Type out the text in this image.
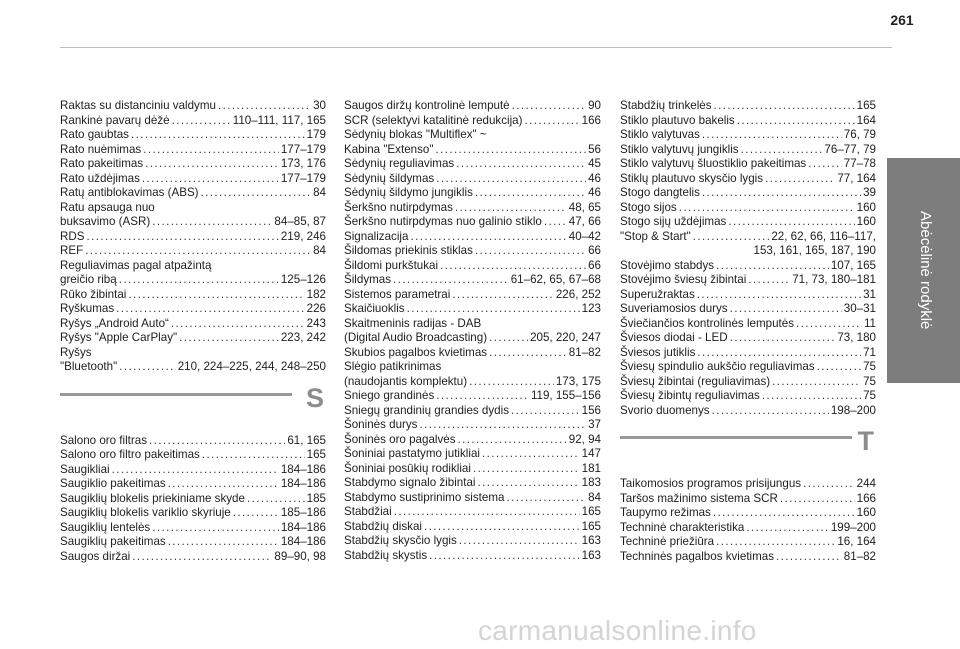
261
Abėcėlinė rodyklė
Raktas su distanciniu valdymu .....	30
Rankinė pavarų dėžė .....	110–111, 117, 165
Rato gaubtas .....	179
Rato nuėmimas .....	177–179
Rato pakeitimas .....	173, 176
Rato uždėjimas .....	177–179
Ratų antiblokavimas (ABS) .....	84
Ratu apsauga nuo
buksavimo (ASR) .....	84–85, 87
RDS .....	219, 246
REF .....	84
Reguliavimas pagal atpažintą
greičio ribą .....	125–126
Rūko žibintai .....	182
Ryškumas .....	226
Ryšys „Android Auto“ .....	243
Ryšys "Apple CarPlay" .....	223, 242
Ryšys
"Bluetooth" .....	210, 224–225, 244, 248–250
S
Salono oro filtras .....	61, 165
Salono oro filtro pakeitimas .....	165
Saugikliai .....	184–186
Saugiklio pakeitimas .....	184–186
Saugiklių blokelis priekiniame skyde .....	185
Saugiklių blokelis variklio skyriuje .....	185–186
Saugiklių lentelės .....	184–186
Saugiklių pakeitimas .....	184–186
Saugos diržai .....	89–90, 98
Saugos diržų kontrolinė lemputė .....	90
SCR (selektyvi katalitinė redukcija) .....	166
Sėdynių blokas "Multiflex" ~
Kabina "Extenso" .....	56
Sėdynių reguliavimas .....	45
Sėdynių šildymas .....	46
Sėdynių šildymo jungiklis .....	46
Šerkšno nutirpdymas .....	48, 65
Šerkšno nutirpdymas nuo galinio stiklo ..... 47, 66
Signalizacija .....	40–42
Šildomas priekinis stiklas .....	66
Šildomi purkštukai .....	66
Šildymas .....	61–62, 65, 67–68
Sistemos parametrai .....	226, 252
Skaičiuoklis .....	123
Skaitmeninis radijas - DAB
(Digital Audio Broadcasting) .....	205, 220, 247
Skubios pagalbos kvietimas .....	81–82
Slėgio patikrinimas
(naudojantis komplektu) .....	173, 175
Sniego grandinės .....	119, 155–156
Sniegų grandinių grandies dydis .....	156
Šoninės durys .....	37
Šoninės oro pagalvės .....	92, 94
Šoniniai pastatymo jutikliai .....	147
Šoniniai posūkių rodikliai .....	181
Stabdymo signalo žibintai .....	183
Stabdymo sustiprinimo sistema .....	84
Stabdžiai .....	165
Stabdžių diskai .....	165
Stabdžių skysčio lygis .....	163
Stabdžių skystis .....	163
Stabdžių trinkelės .....	165
Stiklo plautuvo bakelis .....	164
Stiklo valytuvas .....	76, 79
Stiklo valytuvų jungiklis .....	76–77, 79
Stiklo valytuvų šluostiklio pakeitimas .....	77–78
Stiklų plautuvo skysčio lygis .....	77, 164
Stogo dangtelis .....	39
Stogo sijos .....	160
Stogo sijų uždėjimas .....	160
"Stop & Start" .....	22, 62, 66, 116–117,
153, 161, 165, 187, 190
Stovėjimo stabdys .....	107, 165
Stovėjimo šviesų žibintai .....	71, 73, 180–181
Superužraktas .....	31
Suveriamosios durys .....	30–31
Šviečiančios kontrolinės lemputės .....	11
Šviesos diodai - LED .....	73, 180
Šviesos jutiklis .....	71
Šviesų spindulio aukščio reguliavimas .....	75
Šviesų žibintai (reguliavimas) .....	75
Šviesų žibintų reguliavimas .....	75
Svorio duomenys .....	198–200
T
Taikomosios programos prisijungus .....	244
Taršos mažinimo sistema SCR .....	166
Taupymo režimas .....	160
Techninė charakteristika .....	199–200
Techninė priežiūra .....	16, 164
Techninės pagalbos kvietimas .....	81–82
carmanualsonline.info
